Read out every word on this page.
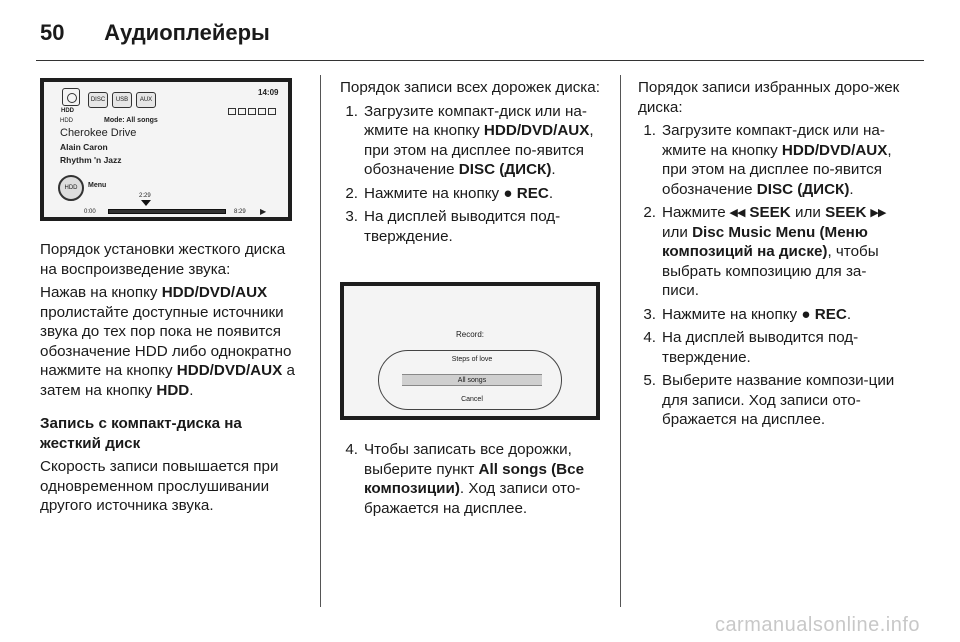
50 Аудиоплейеры
HDD
DISC	USB	AUX
14:09
HDD	Mode: All songs
Cherokee Drive
Alain Caron
Rhythm 'n Jazz
HDD	Menu
2:29
0:00	8:29 ▶

Порядок установки жесткого диска на воспроизведение звука:

Нажав на кнопку HDD/DVD/AUX пролистайте доступные источники звука до тех пор пока не появится обозначение HDD либо однократно нажмите на кнопку HDD/DVD/AUX а затем на кнопку HDD.

Запись с компакт-диска на жесткий диск

Скорость записи повышается при одновременном прослушивании другого источника звука.

Порядок записи всех дорожек диска:

1. Загрузите компакт-диск или на-жмите на кнопку HDD/DVD/AUX, при этом на дисплее по-явится обозначение DISC (ДИСК).
2. Нажмите на кнопку ● REC.
3. На дисплей выводится под-тверждение.
Record:
Steps of love
All songs
Cancel
4. Чтобы записать все дорожки, выберите пункт All songs (Все композиции). Ход записи ото-бражается на дисплее.

Порядок записи избранных доро-жек диска:

1. Загрузите компакт-диск или на-жмите на кнопку HDD/DVD/AUX, при этом на дисплее по-явится обозначение DISC (ДИСК).
2. Нажмите ◂◂ SEEK или SEEK ▸▸ или Disc Music Menu (Меню композиций на диске), чтобы выбрать композицию для за-писи.
3. Нажмите на кнопку ● REC.
4. На дисплей выводится под-тверждение.
5. Выберите название компози-ции для записи. Ход записи ото-бражается на дисплее.
carmanualsonline.info
